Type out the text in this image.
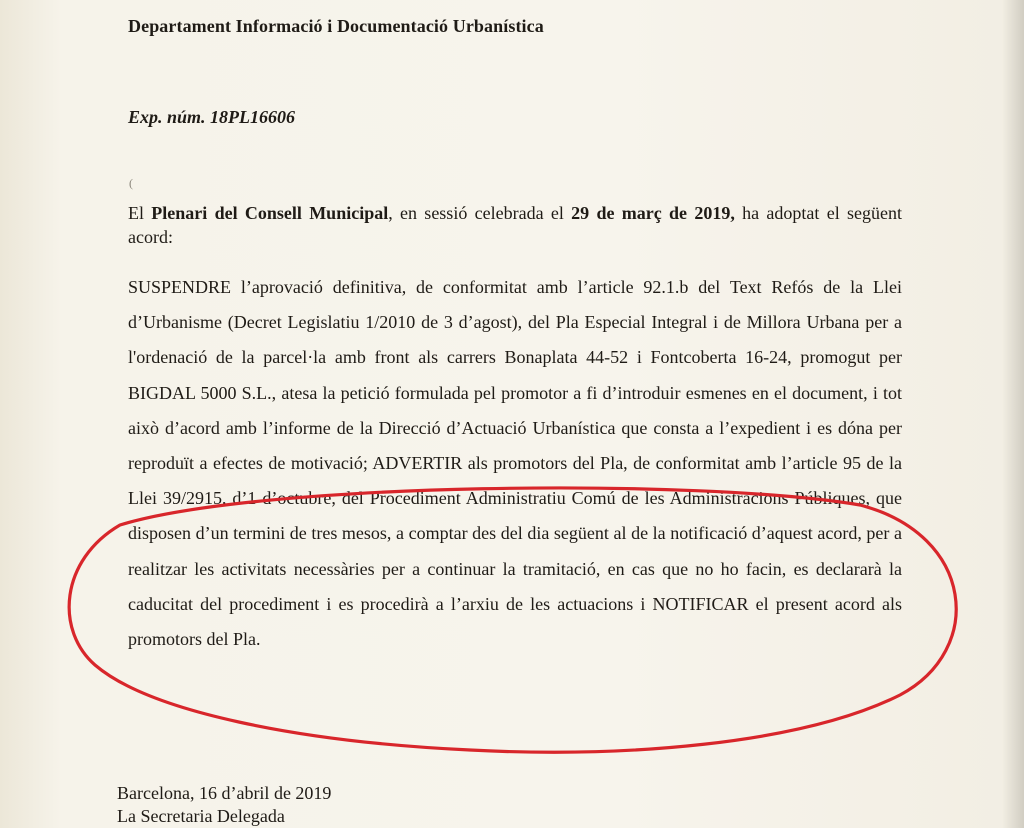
Departament Informació i Documentació Urbanística
Exp. núm. 18PL16606
(
El Plenari del Consell Municipal, en sessió celebrada el 29 de març de 2019, ha adoptat el següent acord:
SUSPENDRE l’aprovació definitiva, de conformitat amb l’article 92.1.b del Text Refós de la Llei d’Urbanisme (Decret Legislatiu 1/2010 de 3 d’agost), del Pla Especial Integral i de Millora Urbana per a l'ordenació de la parcel·la amb front als carrers Bonaplata 44-52 i Fontcoberta 16-24, promogut per BIGDAL 5000 S.L., atesa la petició formulada pel promotor a fi d’introduir esmenes en el document, i tot això d’acord amb l’informe de la Direcció d’Actuació Urbanística que consta a l’expedient i es dóna per reproduït a efectes de motivació; ADVERTIR als promotors del Pla, de conformitat amb l’article 95 de la Llei 39/2915, d’1 d’octubre, del Procediment Administratiu Comú de les Administracions Públiques, que disposen d’un termini de tres mesos, a comptar des del dia següent al de la notificació d’aquest acord, per a realitzar les activitats necessàries per a continuar la tramitació, en cas que no ho facin, es declararà la caducitat del procediment i es procedirà a l’arxiu de les actuacions i NOTIFICAR el present acord als promotors del Pla.
Barcelona, 16 d’abril de 2019
La Secretaria Delegada
